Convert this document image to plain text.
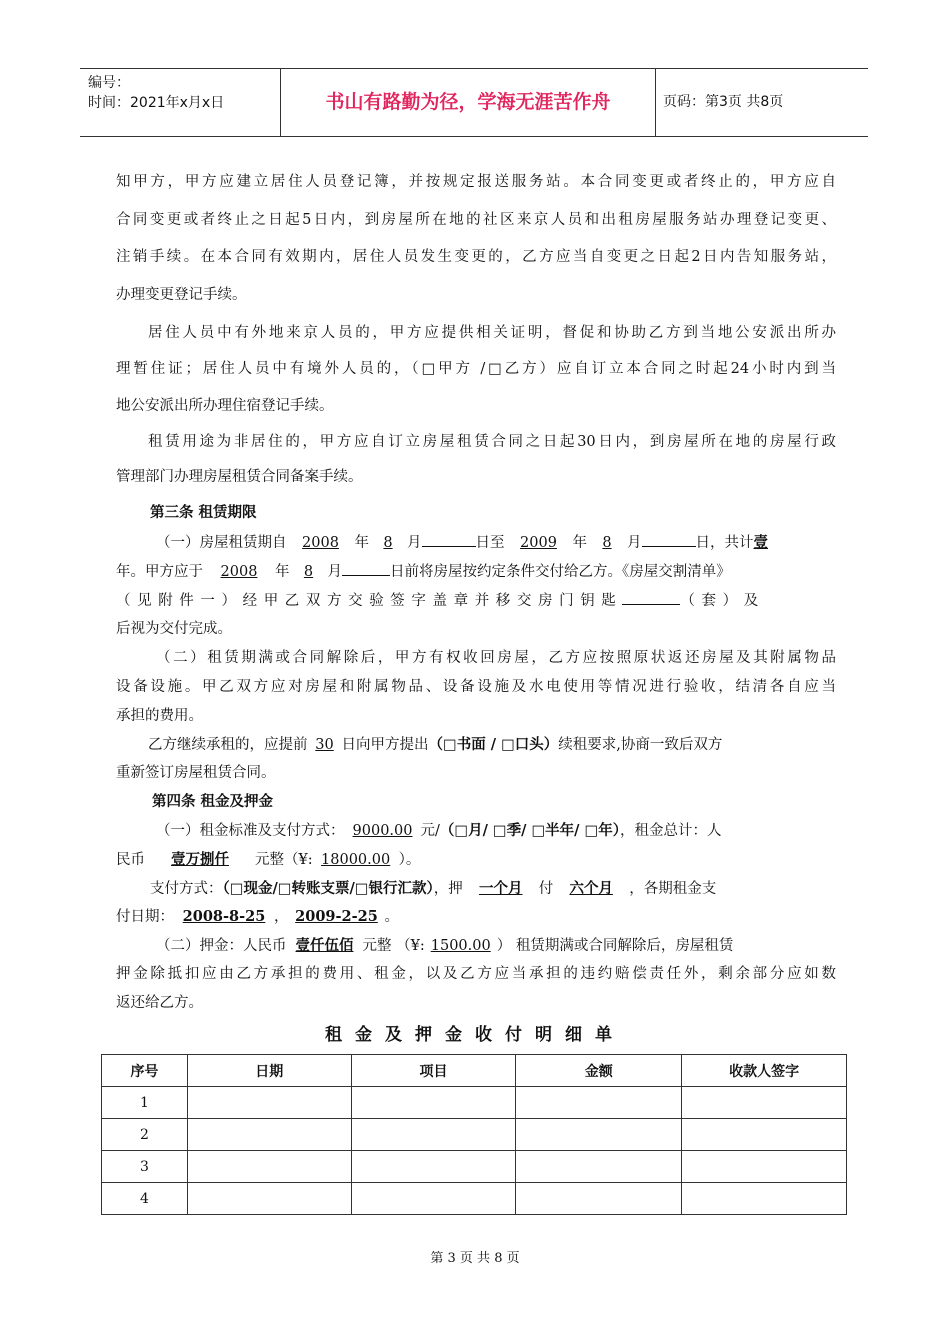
编号：
时间：2021年x月x日	书山有路勤为径，学海无涯苦作舟	页码：第3页 共8页
知甲方，甲方应建立居住人员登记簿，并按规定报送服务站。本合同变更或者终止的，甲方应自
合同变更或者终止之日起5日内，到房屋所在地的社区来京人员和出租房屋服务站办理登记变更、
注销手续。在本合同有效期内，居住人员发生变更的，乙方应当自变更之日起2日内告知服务站，
办理变更登记手续。
居住人员中有外地来京人员的，甲方应提供相关证明，督促和协助乙方到当地公安派出所办
理暂住证；居住人员中有境外人员的，（□甲方 /□乙方）应自订立本合同之时起24小时内到当
地公安派出所办理住宿登记手续。
租赁用途为非居住的，甲方应自订立房屋租赁合同之日起30日内，到房屋所在地的房屋行政
管理部门办理房屋租赁合同备案手续。
第三条 租赁期限
（一）房屋租赁期自 2008 年 8 月	日至 2009 年 8 月	日，共计壹
年。甲方应于 2008 年 8 月	日前将房屋按约定条件交付给乙方。《房屋交割清单》
（见附件一）经甲乙双方交验签字盖章并移交房门钥匙	（套）及
后视为交付完成。
（二）租赁期满或合同解除后，甲方有权收回房屋，乙方应按照原状返还房屋及其附属物品
设备设施。甲乙双方应对房屋和附属物品、设备设施及水电使用等情况进行验收，结清各自应当
承担的费用。
乙方继续承租的，应提前 30 日向甲方提出（□书面 / □口头）续租要求,协商一致后双方
重新签订房屋租赁合同。
第四条 租金及押金
（一）租金标准及支付方式： 9000.00 元/（□月/ □季/ □半年/ □年），租金总计：人
民币 壹万捌仟 元整（¥: 18000.00 ）。
支付方式：（□现金/□转账支票/□银行汇款），押 一个月 付 六个月 ，各期租金支
付日期： 2008-8-25 ， 2009-2-25 。
（二）押金：人民币 壹仟伍佰 元整 （¥: 1500.00 ） 租赁期满或合同解除后，房屋租赁
押金除抵扣应由乙方承担的费用、租金，以及乙方应当承担的违约赔偿责任外，剩余部分应如数
返还给乙方。
租金及押金收付明细单
序号	日期	项目	金额	收款人签字
1				
2				
3				
4				
第 3 页 共 8 页
